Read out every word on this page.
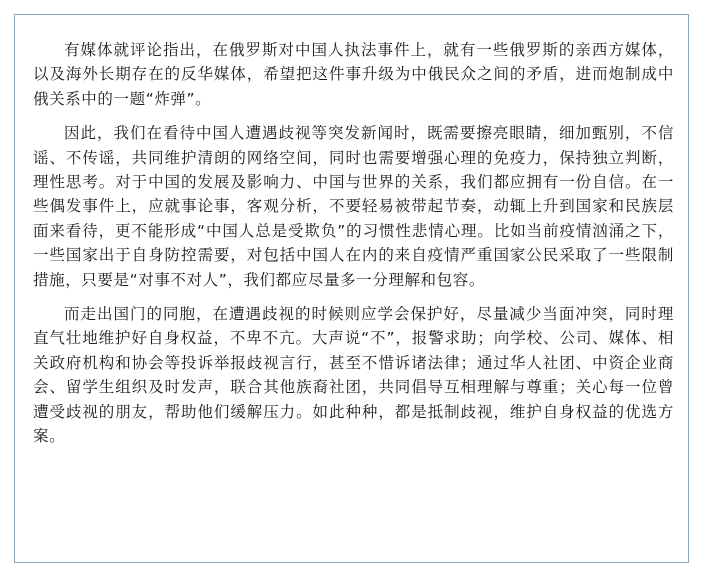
有媒体就评论指出，在俄罗斯对中国人执法事件上，就有一些俄罗斯的亲西方媒体，以及海外长期存在的反华媒体，希望把这件事升级为中俄民众之间的矛盾，进而炮制成中俄关系中的一题“炸弹”。

因此，我们在看待中国人遭遇歧视等突发新闻时，既需要擦亮眼睛，细加甄别，不信谣、不传谣，共同维护清朗的网络空间，同时也需要增强心理的免疫力，保持独立判断，理性思考。对于中国的发展及影响力、中国与世界的关系，我们都应拥有一份自信。在一些偶发事件上，应就事论事，客观分析，不要轻易被带起节奏，动辄上升到国家和民族层面来看待，更不能形成“中国人总是受欺负”的习惯性悲情心理。比如当前疫情汹涌之下，一些国家出于自身防控需要，对包括中国人在内的来自疫情严重国家公民采取了一些限制措施，只要是“对事不对人”，我们都应尽量多一分理解和包容。

而走出国门的同胞，在遭遇歧视的时候则应学会保护好，尽量减少当面冲突，同时理直气壮地维护好自身权益，不卑不亢。大声说“不”，报警求助；向学校、公司、媒体、相关政府机构和协会等投诉举报歧视言行，甚至不惜诉诸法律；通过华人社团、中资企业商会、留学生组织及时发声，联合其他族裔社团，共同倡导互相理解与尊重；关心每一位曾遭受歧视的朋友，帮助他们缓解压力。如此种种，都是抵制歧视，维护自身权益的优选方案。
